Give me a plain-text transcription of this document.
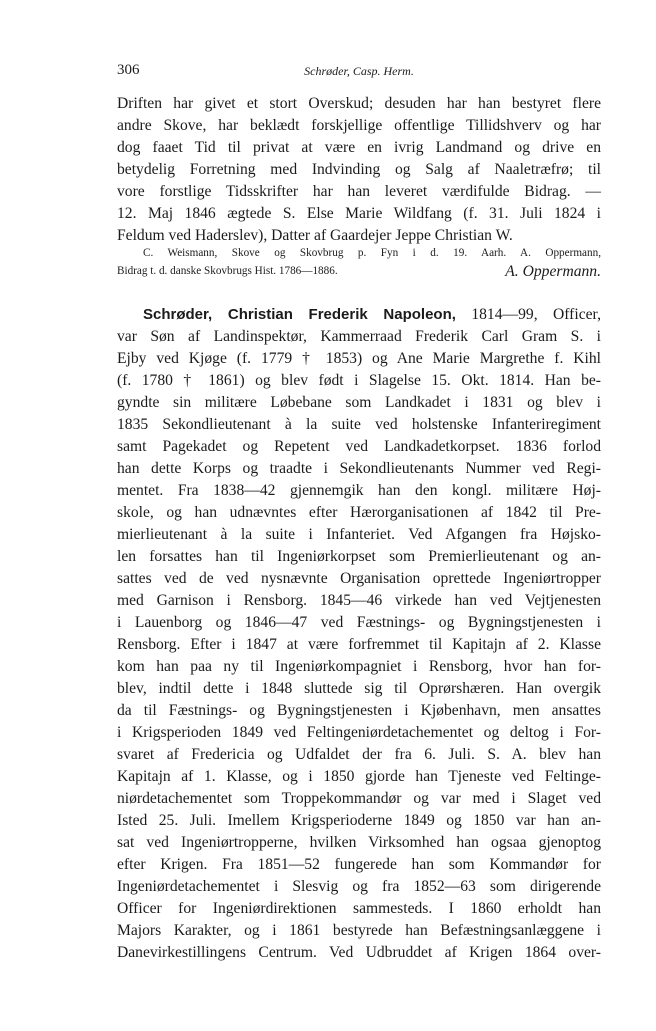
306	Schrøder, Casp. Herm.
Driften har givet et stort Overskud; desuden har han bestyret flere
andre Skove, har beklædt forskjellige offentlige Tillidshverv og har
dog faaet Tid til privat at være en ivrig Landmand og drive en
betydelig Forretning med Indvinding og Salg af Naaletræfrø; til
vore forstlige Tidsskrifter har han leveret værdifulde Bidrag. —
12. Maj 1846 ægtede S. Else Marie Wildfang (f. 31. Juli 1824 i
Feldum ved Haderslev), Datter af Gaardejer Jeppe Christian W.
C. Weismann, Skove og Skovbrug p. Fyn i d. 19. Aarh. A. Oppermann,
Bidrag t. d. danske Skovbrugs Hist. 1786—1886.	A. Oppermann.
Schrøder, Christian Frederik Napoleon, 1814—99, Officer,
var Søn af Landinspektør, Kammerraad Frederik Carl Gram S. i
Ejby ved Kjøge (f. 1779 † 1853) og Ane Marie Margrethe f. Kihl
(f. 1780 † 1861) og blev født i Slagelse 15. Okt. 1814. Han be-
gyndte sin militære Løbebane som Landkadet i 1831 og blev i
1835 Sekondlieutenant à la suite ved holstenske Infanteriregiment
samt Pagekadet og Repetent ved Landkadetkorpset. 1836 forlod
han dette Korps og traadte i Sekondlieutenants Nummer ved Regi-
mentet. Fra 1838—42 gjennemgik han den kongl. militære Høj-
skole, og han udnævntes efter Hærorganisationen af 1842 til Pre-
mierlieutenant à la suite i Infanteriet. Ved Afgangen fra Højsko-
len forsattes han til Ingeniørkorpset som Premierlieutenant og an-
sattes ved de ved nysnævnte Organisation oprettede Ingeniørtropper
med Garnison i Rensborg. 1845—46 virkede han ved Vejtjenesten
i Lauenborg og 1846—47 ved Fæstnings- og Bygningstjenesten i
Rensborg. Efter i 1847 at være forfremmet til Kapitajn af 2. Klasse
kom han paa ny til Ingeniørkompagniet i Rensborg, hvor han for-
blev, indtil dette i 1848 sluttede sig til Oprørshæren. Han overgik
da til Fæstnings- og Bygningstjenesten i Kjøbenhavn, men ansattes
i Krigsperioden 1849 ved Feltingeniørdetachementet og deltog i For-
svaret af Fredericia og Udfaldet der fra 6. Juli. S. A. blev han
Kapitajn af 1. Klasse, og i 1850 gjorde han Tjeneste ved Feltinge-
niørdetachementet som Troppekommandør og var med i Slaget ved
Isted 25. Juli. Imellem Krigsperioderne 1849 og 1850 var han an-
sat ved Ingeniørtropperne, hvilken Virksomhed han ogsaa gjenoptog
efter Krigen. Fra 1851—52 fungerede han som Kommandør for
Ingeniørdetachementet i Slesvig og fra 1852—63 som dirigerende
Officer for Ingeniørdirektionen sammesteds. I 1860 erholdt han
Majors Karakter, og i 1861 bestyrede han Befæstningsanlæggene i
Danevirkestillingens Centrum. Ved Udbruddet af Krigen 1864 over-
